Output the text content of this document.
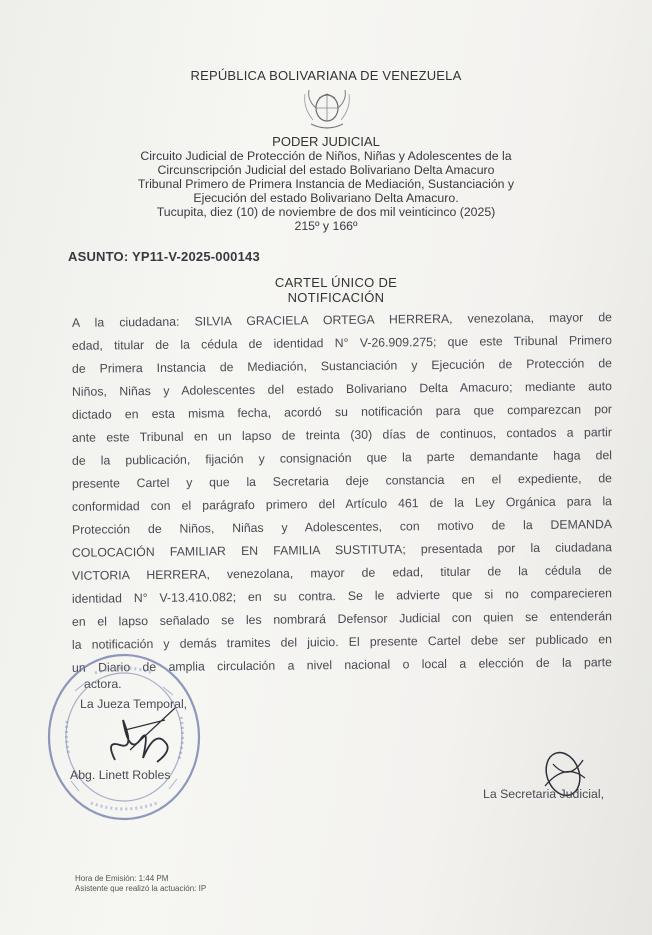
REPÚBLICA BOLIVARIANA DE VENEZUELA
PODER JUDICIAL
Circuito Judicial de Protección de Niños, Niñas y Adolescentes de la
Circunscripción Judicial del estado Bolivariano Delta Amacuro
Tribunal Primero de Primera Instancia de Mediación, Sustanciación y
Ejecución del estado Bolivariano Delta Amacuro.
Tucupita, diez (10) de noviembre de dos mil veinticinco (2025)
215º y 166º
ASUNTO: YP11-V-2025-000143
CARTEL ÚNICO DE
NOTIFICACIÓN
A la ciudadana: SILVIA GRACIELA ORTEGA HERRERA, venezolana, mayor de
edad, titular de la cédula de identidad N° V-26.909.275; que este Tribunal Primero
de Primera Instancia de Mediación, Sustanciación y Ejecución de Protección de
Niños, Niñas y Adolescentes del estado Bolivariano Delta Amacuro; mediante auto
dictado en esta misma fecha, acordó su notificación para que comparezcan por
ante este Tribunal en un lapso de treinta (30) días de continuos, contados a partir
de la publicación, fijación y consignación que la parte demandante haga del
presente Cartel y que la Secretaria deje constancia en el expediente, de
conformidad con el parágrafo primero del Artículo 461 de la Ley Orgánica para la
Protección de Niños, Niñas y Adolescentes, con motivo de la DEMANDA
COLOCACIÓN FAMILIAR EN FAMILIA SUSTITUTA; presentada por la ciudadana
VICTORIA HERRERA, venezolana, mayor de edad, titular de la cédula de
identidad N° V-13.410.082; en su contra. Se le advierte que si no comparecieren
en el lapso señalado se les nombrará Defensor Judicial con quien se entenderán
la notificación y demás tramites del juicio. El presente Cartel debe ser publicado en
un Diario de amplia circulación a nivel nacional o local a elección de la parte
actora.
La Jueza Temporal,
Abg. Linett Robles
La Secretaria Judicial,
Hora de Emisión: 1:44 PM
Asistente que realizó la actuación: IP
